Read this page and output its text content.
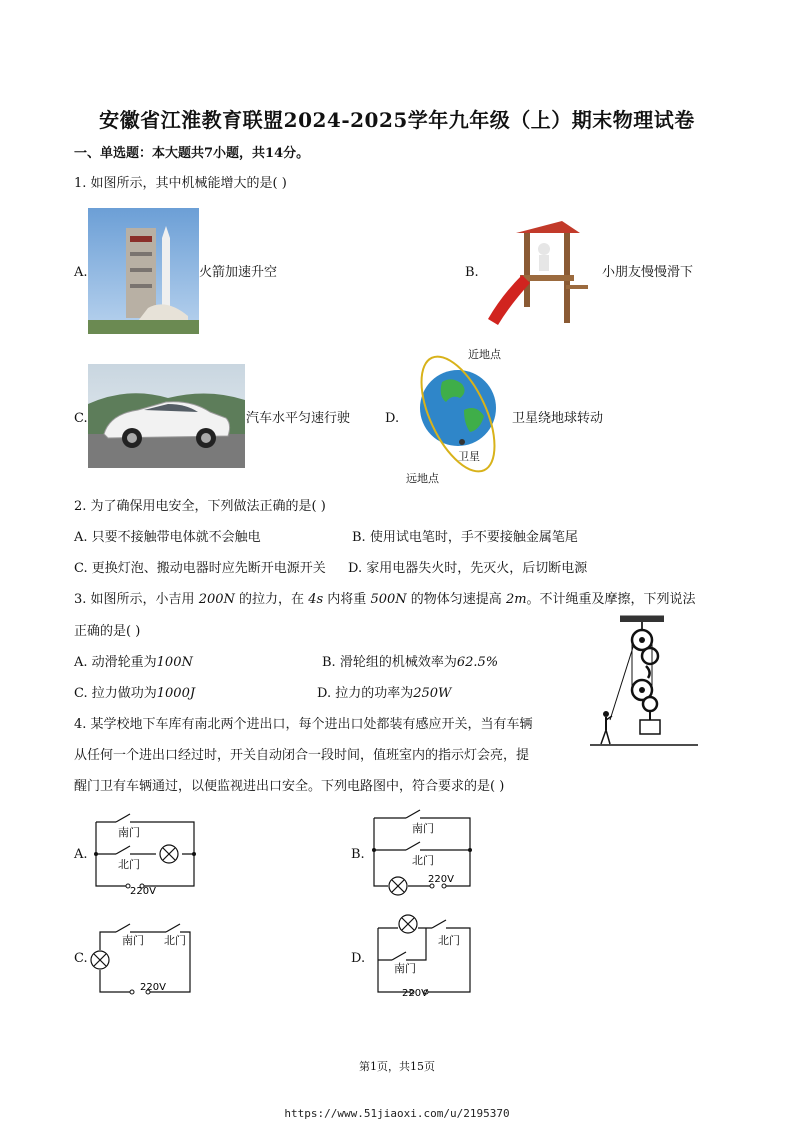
安徽省江淮教育联盟2024-2025学年九年级（上）期末物理试卷
一、单选题：本大题共7小题，共14分。
1. 如图所示，其中机械能增大的是( )
A.	火箭加速升空	B.	小朋友慢慢滑下
C.	汽车水平匀速行驶	D.
近地点
卫星
远地点
卫星绕地球转动
2. 为了确保用电安全，下列做法正确的是( )
A. 只要不接触带电体就不会触电	B. 使用试电笔时，手不要接触金属笔尾
C. 更换灯泡、搬动电器时应先断开电源开关 D. 家用电器失火时，先灭火，后切断电源
3. 如图所示，小吉用 200N 的拉力，在 4s 内将重 500N 的物体匀速提高 2m。不计绳重及摩擦，下列说法
正确的是( )
A. 动滑轮重为100N	B. 滑轮组的机械效率为62.5%
C. 拉力做功为1000J	D. 拉力的功率为250W
4. 某学校地下车库有南北两个进出口，每个进出口处都装有感应开关，当有车辆
从任何一个进出口经过时，开关自动闭合一段时间，值班室内的指示灯会亮，提
醒门卫有车辆通过，以便监视进出口安全。下列电路图中，符合要求的是( )
A.
南门
北门
220V
B.
南门
北门
220V
C.
南门 北门
220V
D.
北门
南门
220V
第1页，共15页
https://www.51jiaoxi.com/u/2195370
